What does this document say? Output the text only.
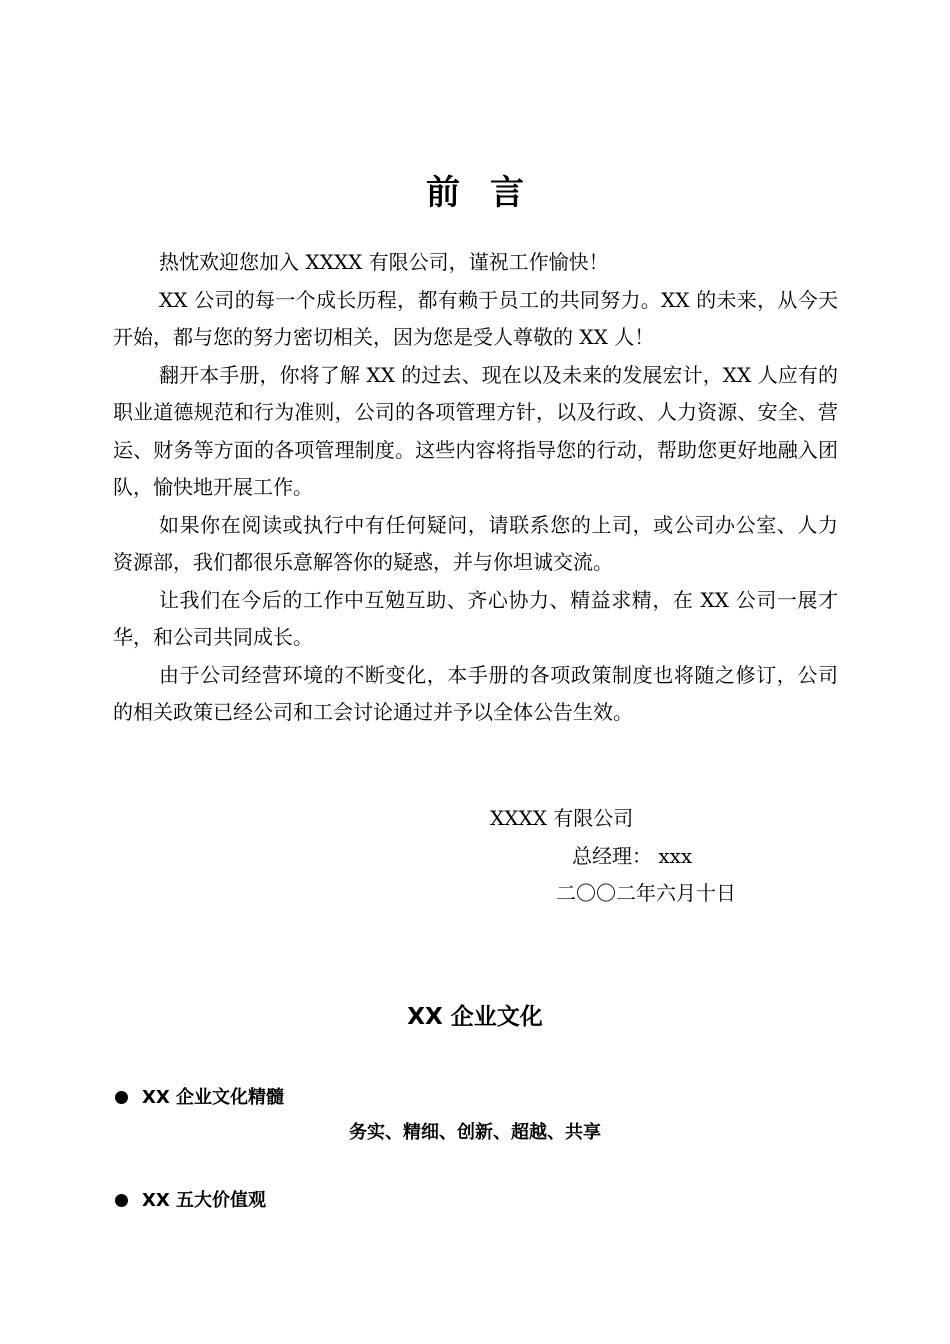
前言

热忱欢迎您加入 XXXX 有限公司，谨祝工作愉快！

XX 公司的每一个成长历程，都有赖于员工的共同努力。XX 的未来，从今天开始，都与您的努力密切相关，因为您是受人尊敬的 XX 人！

翻开本手册，你将了解 XX 的过去、现在以及未来的发展宏计，XX 人应有的职业道德规范和行为准则，公司的各项管理方针，以及行政、人力资源、安全、营运、财务等方面的各项管理制度。这些内容将指导您的行动，帮助您更好地融入团队，愉快地开展工作。

如果你在阅读或执行中有任何疑问，请联系您的上司，或公司办公室、人力资源部，我们都很乐意解答你的疑惑，并与你坦诚交流。

让我们在今后的工作中互勉互助、齐心协力、精益求精，在 XX 公司一展才华，和公司共同成长。

由于公司经营环境的不断变化，本手册的各项政策制度也将随之修订，公司的相关政策已经公司和工会讨论通过并予以全体公告生效。

XXXX 有限公司
总经理： xxx
二〇〇二年六月十日
XX 企业文化
XX 企业文化精髓
务实、精细、创新、超越、共享
XX 五大价值观
